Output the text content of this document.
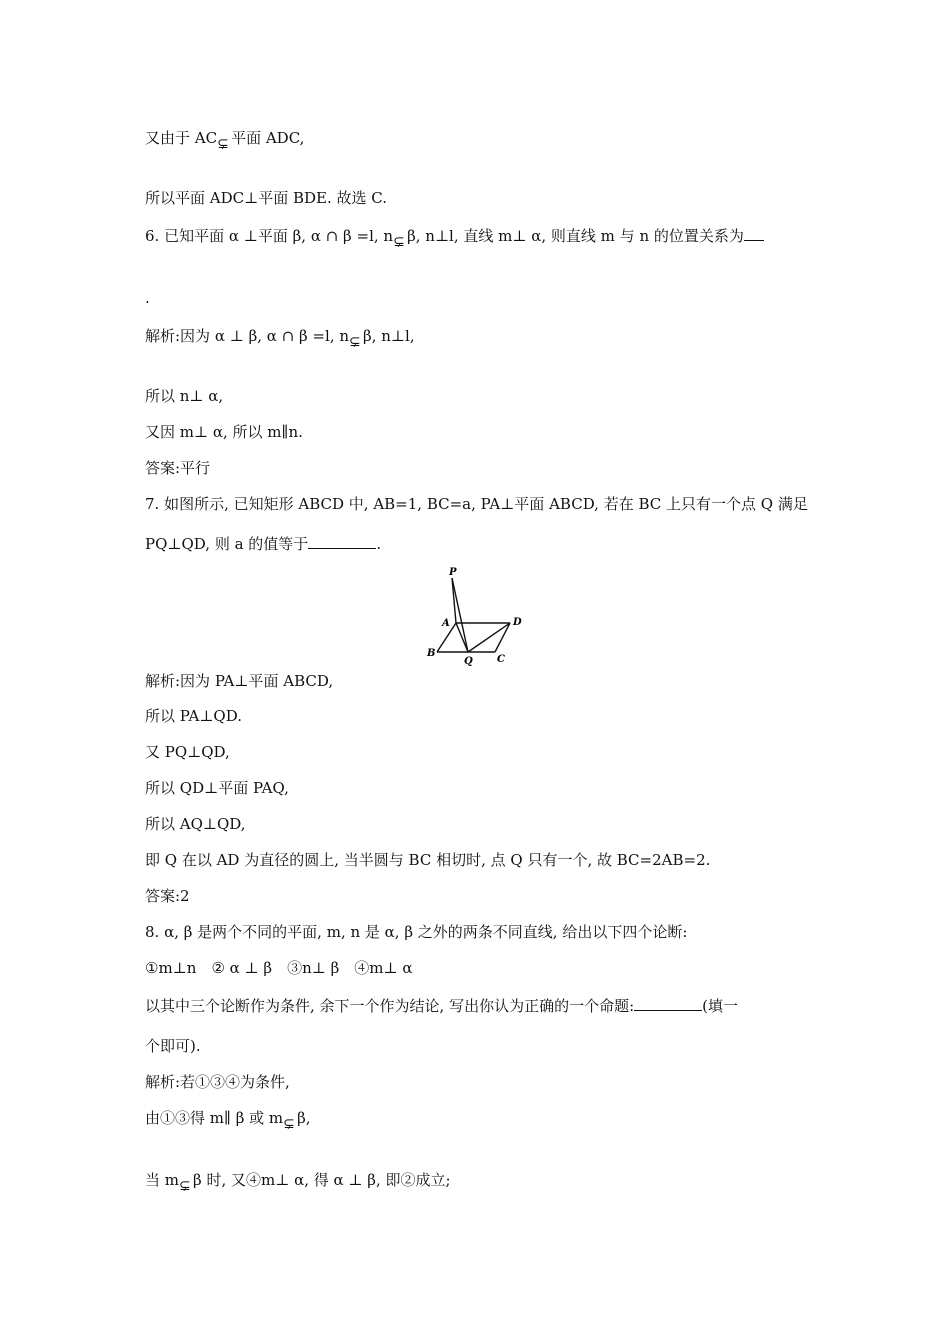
又由于 AC ⊊ 平面 ADC,
所以平面 ADC⊥平面 BDE. 故选 C.
6. 已知平面 α ⊥平面 β, α ∩ β =l, n ⊊ β, n⊥l, 直线 m⊥ α, 则直线 m 与 n 的位置关系为
.
解析:因为 α ⊥ β, α ∩ β =l, n ⊊ β, n⊥l,
所以 n⊥ α,
又因 m⊥ α, 所以 m∥n.
答案:平行
7. 如图所示, 已知矩形 ABCD 中, AB=1, BC=a, PA⊥平面 ABCD, 若在 BC 上只有一个点 Q 满足
PQ⊥QD, 则 a 的值等于	.
P
A
B
Q C
D
解析:因为 PA⊥平面 ABCD,
所以 PA⊥QD.
又 PQ⊥QD,
所以 QD⊥平面 PAQ,
所以 AQ⊥QD,
即 Q 在以 AD 为直径的圆上, 当半圆与 BC 相切时, 点 Q 只有一个, 故 BC=2AB=2.
答案:2
8. α, β 是两个不同的平面, m, n 是 α, β 之外的两条不同直线, 给出以下四个论断:
①m⊥n　② α ⊥ β　③n⊥ β　④m⊥ α
以其中三个论断作为条件, 余下一个作为结论, 写出你认为正确的一个命题:	(填一
个即可).
解析:若①③④为条件,
由①③得 m∥ β 或 m ⊊ β,
当 m ⊊ β 时, 又④m⊥ α, 得 α ⊥ β, 即②成立;
